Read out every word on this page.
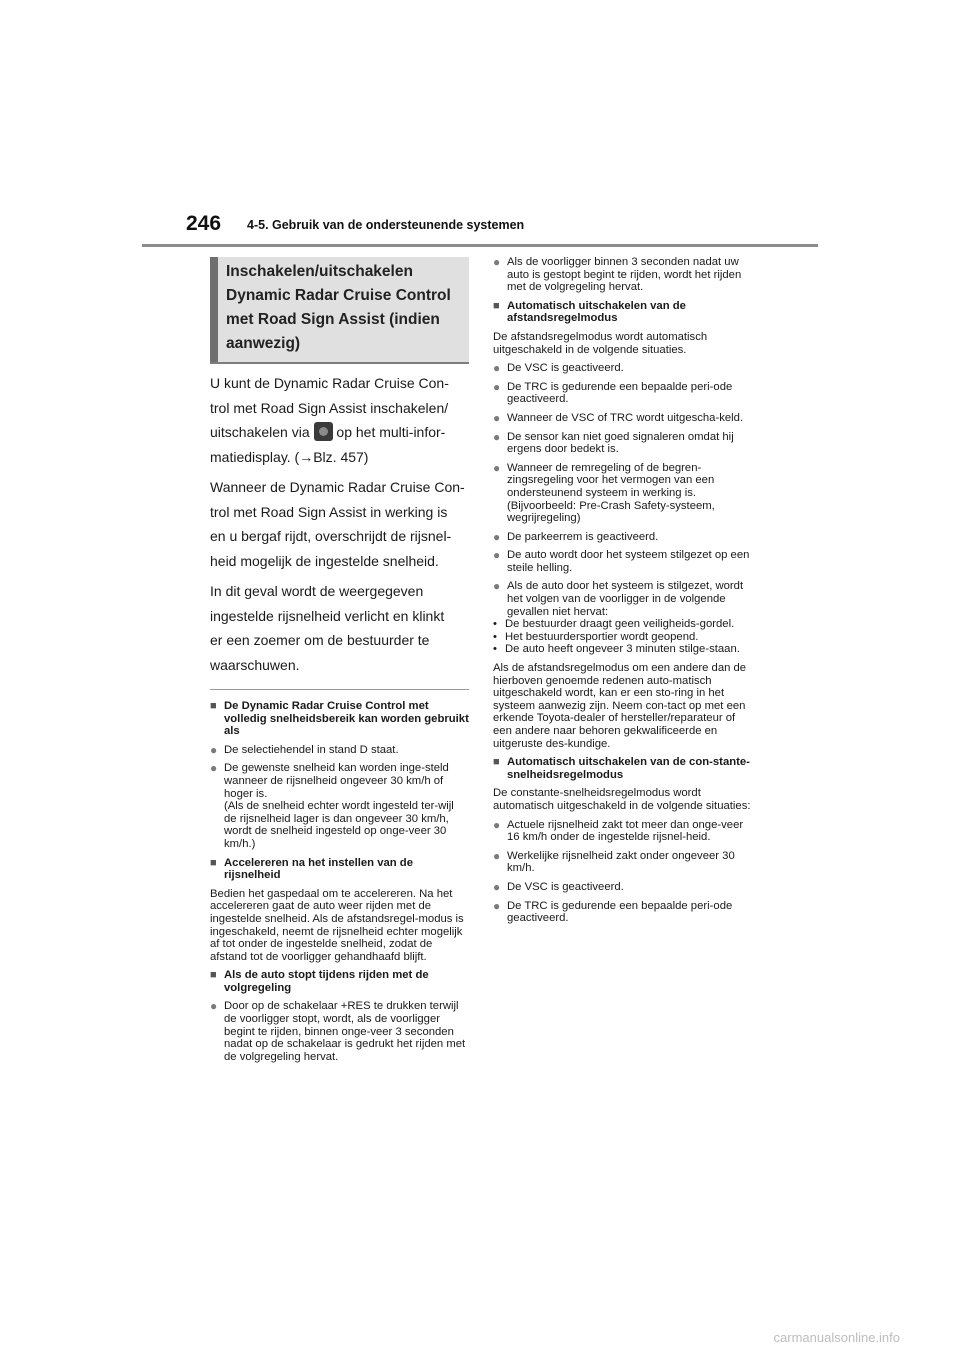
246 4-5. Gebruik van de ondersteunende systemen
Inschakelen/uitschakelen
Dynamic Radar Cruise Control
met Road Sign Assist (indien
aanwezig)

U kunt de Dynamic Radar Cruise Con-

trol met Road Sign Assist inschakelen/

uitschakelen via  op het multi-infor-

matiedisplay. (→Blz. 457)

Wanneer de Dynamic Radar Cruise Con-

trol met Road Sign Assist in werking is

en u bergaf rijdt, overschrijdt de rijsnel-

heid mogelijk de ingestelde snelheid.

In dit geval wordt de weergegeven

ingestelde rijsnelheid verlicht en klinkt

er een zoemer om de bestuurder te

waarschuwen.

■ De Dynamic Radar Cruise Control met volledig snelheidsbereik kan worden gebruikt als
● De selectiehendel in stand D staat.
● De gewenste snelheid kan worden inge-steld wanneer de rijsnelheid ongeveer 30 km/h of hoger is.
(Als de snelheid echter wordt ingesteld ter-wijl de rijsnelheid lager is dan ongeveer 30 km/h, wordt de snelheid ingesteld op onge-veer 30 km/h.)
■ Accelereren na het instellen van de rijsnelheid
Bedien het gaspedaal om te accelereren. Na het accelereren gaat de auto weer rijden met de ingestelde snelheid. Als de afstandsregel-modus is ingeschakeld, neemt de rijsnelheid echter mogelijk af tot onder de ingestelde snelheid, zodat de afstand tot de voorligger gehandhaafd blijft.
■ Als de auto stopt tijdens rijden met de volgregeling
● Door op de schakelaar +RES te drukken terwijl de voorligger stopt, wordt, als de voorligger begint te rijden, binnen onge-veer 3 seconden nadat op de schakelaar is gedrukt het rijden met de volgregeling hervat.
● Als de voorligger binnen 3 seconden nadat uw auto is gestopt begint te rijden, wordt het rijden met de volgregeling hervat.
■ Automatisch uitschakelen van de afstandsregelmodus
De afstandsregelmodus wordt automatisch uitgeschakeld in de volgende situaties.
● De VSC is geactiveerd.
● De TRC is gedurende een bepaalde peri-ode geactiveerd.
● Wanneer de VSC of TRC wordt uitgescha-keld.
● De sensor kan niet goed signaleren omdat hij ergens door bedekt is.
● Wanneer de remregeling of de begren-zingsregeling voor het vermogen van een ondersteunend systeem in werking is. (Bijvoorbeeld: Pre-Crash Safety-systeem, wegrijregeling)
● De parkeerrem is geactiveerd.
● De auto wordt door het systeem stilgezet op een steile helling.
● Als de auto door het systeem is stilgezet, wordt het volgen van de voorligger in de volgende gevallen niet hervat:
• De bestuurder draagt geen veiligheids-gordel.
• Het bestuurdersportier wordt geopend.
• De auto heeft ongeveer 3 minuten stilge-staan.
Als de afstandsregelmodus om een andere dan de hierboven genoemde redenen auto-matisch uitgeschakeld wordt, kan er een sto-ring in het systeem aanwezig zijn. Neem con-tact op met een erkende Toyota-dealer of hersteller/reparateur of een andere naar behoren gekwalificeerde en uitgeruste des-kundige.
■ Automatisch uitschakelen van de con-stante-snelheidsregelmodus
De constante-snelheidsregelmodus wordt automatisch uitgeschakeld in de volgende situaties:
● Actuele rijsnelheid zakt tot meer dan onge-veer 16 km/h onder de ingestelde rijsnel-heid.
● Werkelijke rijsnelheid zakt onder ongeveer 30 km/h.
● De VSC is geactiveerd.
● De TRC is gedurende een bepaalde peri-ode geactiveerd.
carmanualsonline.info
